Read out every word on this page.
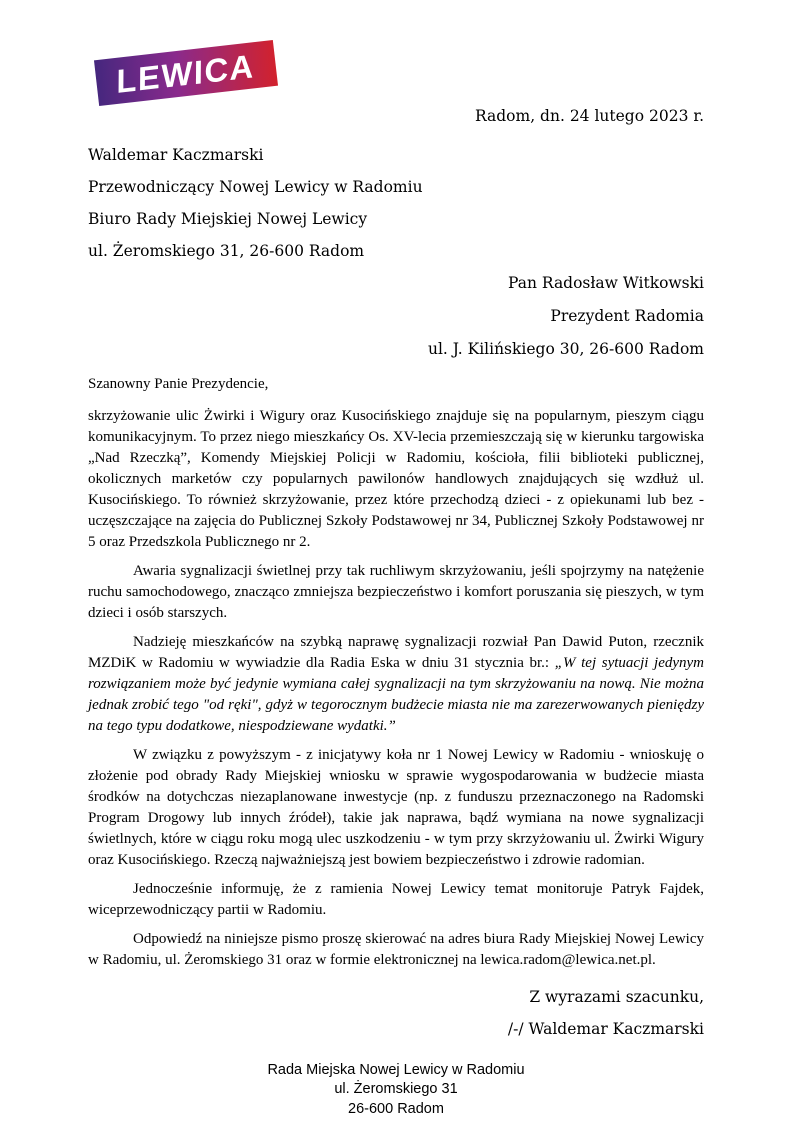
LEWICA
Radom, dn. 24 lutego 2023 r.
Waldemar Kaczmarski
Przewodniczący Nowej Lewicy w Radomiu
Biuro Rady Miejskiej Nowej Lewicy
ul. Żeromskiego 31, 26-600 Radom
Pan Radosław Witkowski
Prezydent Radomia
ul. J. Kilińskiego 30, 26-600 Radom
Szanowny Panie Prezydencie,

skrzyżowanie ulic Żwirki i Wigury oraz Kusocińskiego znajduje się na popularnym, pieszym ciągu komunikacyjnym. To przez niego mieszkańcy Os. XV-lecia przemieszczają się w kierunku targowiska „Nad Rzeczką”, Komendy Miejskiej Policji w Radomiu, kościoła, filii biblioteki publicznej, okolicznych marketów czy popularnych pawilonów handlowych znajdujących się wzdłuż ul. Kusocińskiego. To również skrzyżowanie, przez które przechodzą dzieci - z opiekunami lub bez - uczęszczające na zajęcia do Publicznej Szkoły Podstawowej nr 34, Publicznej Szkoły Podstawowej nr 5 oraz Przedszkola Publicznego nr 2.

Awaria sygnalizacji świetlnej przy tak ruchliwym skrzyżowaniu, jeśli spojrzymy na natężenie ruchu samochodowego, znacząco zmniejsza bezpieczeństwo i komfort poruszania się pieszych, w tym dzieci i osób starszych.

Nadzieję mieszkańców na szybką naprawę sygnalizacji rozwiał Pan Dawid Puton, rzecznik MZDiK w Radomiu w wywiadzie dla Radia Eska w dniu 31 stycznia br.: „W tej sytuacji jedynym rozwiązaniem może być jedynie wymiana całej sygnalizacji na tym skrzyżowaniu na nową. Nie można jednak zrobić tego "od ręki", gdyż w tegorocznym budżecie miasta nie ma zarezerwowanych pieniędzy na tego typu dodatkowe, niespodziewane wydatki.”

W związku z powyższym - z inicjatywy koła nr 1 Nowej Lewicy w Radomiu - wnioskuję o złożenie pod obrady Rady Miejskiej wniosku w sprawie wygospodarowania w budżecie miasta środków na dotychczas niezaplanowane inwestycje (np. z funduszu przeznaczonego na Radomski Program Drogowy lub innych źródeł), takie jak naprawa, bądź wymiana na nowe sygnalizacji świetlnych, które w ciągu roku mogą ulec uszkodzeniu - w tym przy skrzyżowaniu ul. Żwirki Wigury oraz Kusocińskiego. Rzeczą najważniejszą jest bowiem bezpieczeństwo i zdrowie radomian.

Jednocześnie informuję, że z ramienia Nowej Lewicy temat monitoruje Patryk Fajdek, wiceprzewodniczący partii w Radomiu.

Odpowiedź na niniejsze pismo proszę skierować na adres biura Rady Miejskiej Nowej Lewicy w Radomiu, ul. Żeromskiego 31 oraz w formie elektronicznej na lewica.radom@lewica.net.pl.

Z wyrazami szacunku,
/-/ Waldemar Kaczmarski
Rada Miejska Nowej Lewicy w Radomiu
ul. Żeromskiego 31
26-600 Radom
